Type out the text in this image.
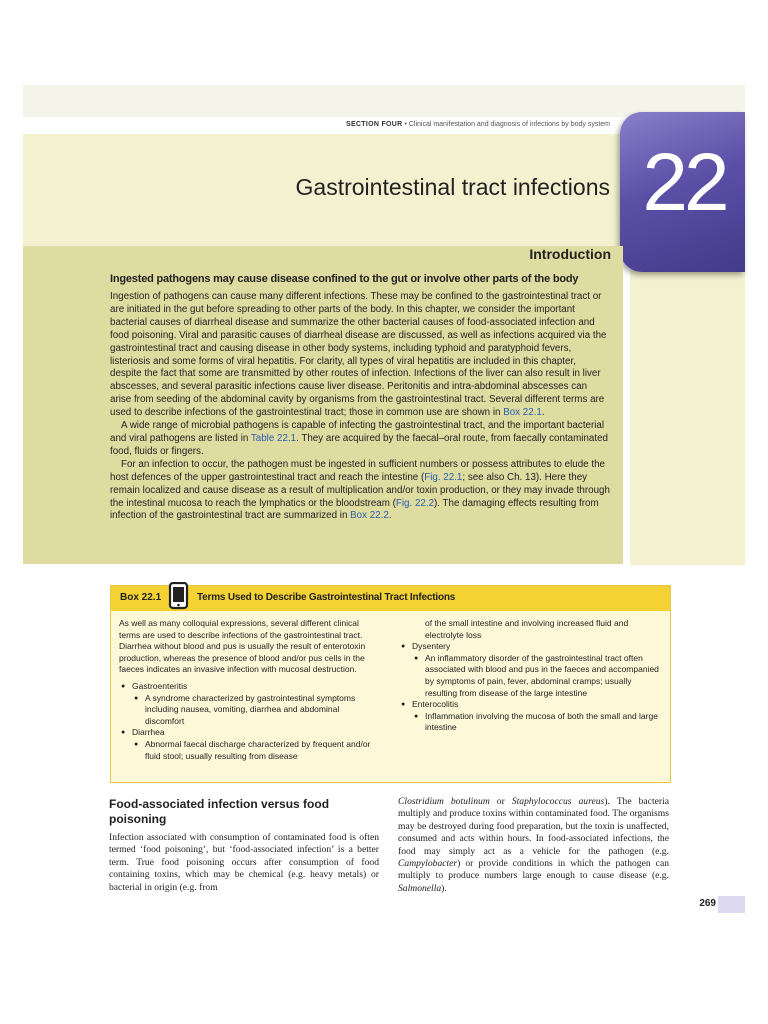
SECTION FOUR • Clinical manifestation and diagnosis of infections by body system
22
Gastrointestinal tract infections
Introduction
Ingested pathogens may cause disease confined to the gut or involve other parts of the body

Ingestion of pathogens can cause many different infections. These may be confined to the gastrointestinal tract or are initiated in the gut before spreading to other parts of the body. In this chapter, we consider the important bacterial causes of diarrheal disease and summarize the other bacterial causes of food-associated infection and food poisoning. Viral and parasitic causes of diarrheal disease are discussed, as well as infections acquired via the gastrointestinal tract and causing disease in other body systems, including typhoid and paratyphoid fevers, listeriosis and some forms of viral hepatitis. For clarity, all types of viral hepatitis are included in this chapter, despite the fact that some are transmitted by other routes of infection. Infections of the liver can also result in liver abscesses, and several parasitic infections cause liver disease. Peritonitis and intra-abdominal abscesses can arise from seeding of the abdominal cavity by organisms from the gastrointestinal tract. Several different terms are used to describe infections of the gastrointestinal tract; those in common use are shown in Box 22.1.

A wide range of microbial pathogens is capable of infecting the gastrointestinal tract, and the important bacterial and viral pathogens are listed in Table 22.1. They are acquired by the faecal–oral route, from faecally contaminated food, fluids or fingers.

For an infection to occur, the pathogen must be ingested in sufficient numbers or possess attributes to elude the host defences of the upper gastrointestinal tract and reach the intestine (Fig. 22.1; see also Ch. 13). Here they remain localized and cause disease as a result of multiplication and/or toxin production, or they may invade through the intestinal mucosa to reach the lymphatics or the bloodstream (Fig. 22.2). The damaging effects resulting from infection of the gastrointestinal tract are summarized in Box 22.2.

Box 22.1	Terms Used to Describe Gastrointestinal Tract Infections

As well as many colloquial expressions, several different clinical terms are used to describe infections of the gastrointestinal tract. Diarrhea without blood and pus is usually the result of enterotoxin production, whereas the presence of blood and/or pus cells in the faeces indicates an invasive infection with mucosal destruction.

● Gastroenteritis
● A syndrome characterized by gastrointestinal symptoms including nausea, vomiting, diarrhea and abdominal discomfort
● Diarrhea
● Abnormal faecal discharge characterized by frequent and/or fluid stool; usually resulting from disease
of the small intestine and involving increased fluid and electrolyte loss
● Dysentery
● An inflammatory disorder of the gastrointestinal tract often associated with blood and pus in the faeces and accompanied by symptoms of pain, fever, abdominal cramps; usually resulting from disease of the large intestine
● Enterocolitis
● Inflammation involving the mucosa of both the small and large intestine
Food-associated infection versus food poisoning
Infection associated with consumption of contaminated food is often termed ‘food poisoning’, but ‘food-associated infection’ is a better term. True food poisoning occurs after consumption of food containing toxins, which may be chemical (e.g. heavy metals) or bacterial in origin (e.g. from
Clostridium botulinum or Staphylococcus aureus). The bacteria multiply and produce toxins within contaminated food. The organisms may be destroyed during food preparation, but the toxin is unaffected, consumed and acts within hours. In food-associated infections, the food may simply act as a vehicle for the pathogen (e.g. Campylobacter) or provide conditions in which the pathogen can multiply to produce numbers large enough to cause disease (e.g. Salmonella).
269
